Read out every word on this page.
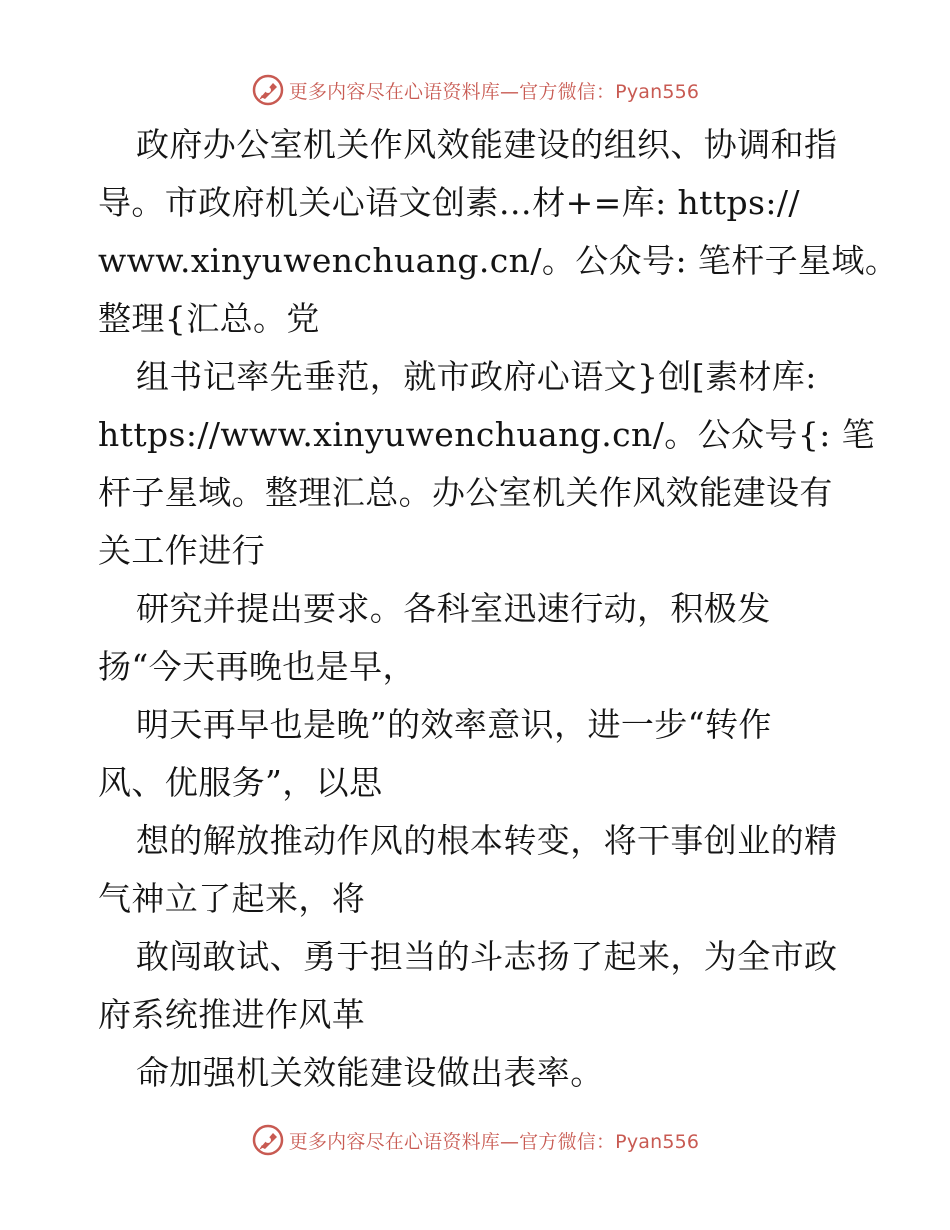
更多内容尽在心语资料库—官方微信：Pyan556
政府办公室机关作风效能建设的组织、协调和指
导。市政府机关心语文创素…材+=库: https://
www.xinyuwenchuang.cn/。公众号: 笔杆子星域。
整理{汇总。党
组书记率先垂范，就市政府心语文}创[素材库:
https://www.xinyuwenchuang.cn/。公众号{: 笔
杆子星域。整理汇总。办公室机关作风效能建设有
关工作进行
研究并提出要求。各科室迅速行动，积极发
扬“今天再晚也是早，
明天再早也是晚”的效率意识，进一步“转作
风、优服务”，以思
想的解放推动作风的根本转变，将干事创业的精
气神立了起来，将
敢闯敢试、勇于担当的斗志扬了起来，为全市政
府系统推进作风革
命加强机关效能建设做出表率。
更多内容尽在心语资料库—官方微信：Pyan556
